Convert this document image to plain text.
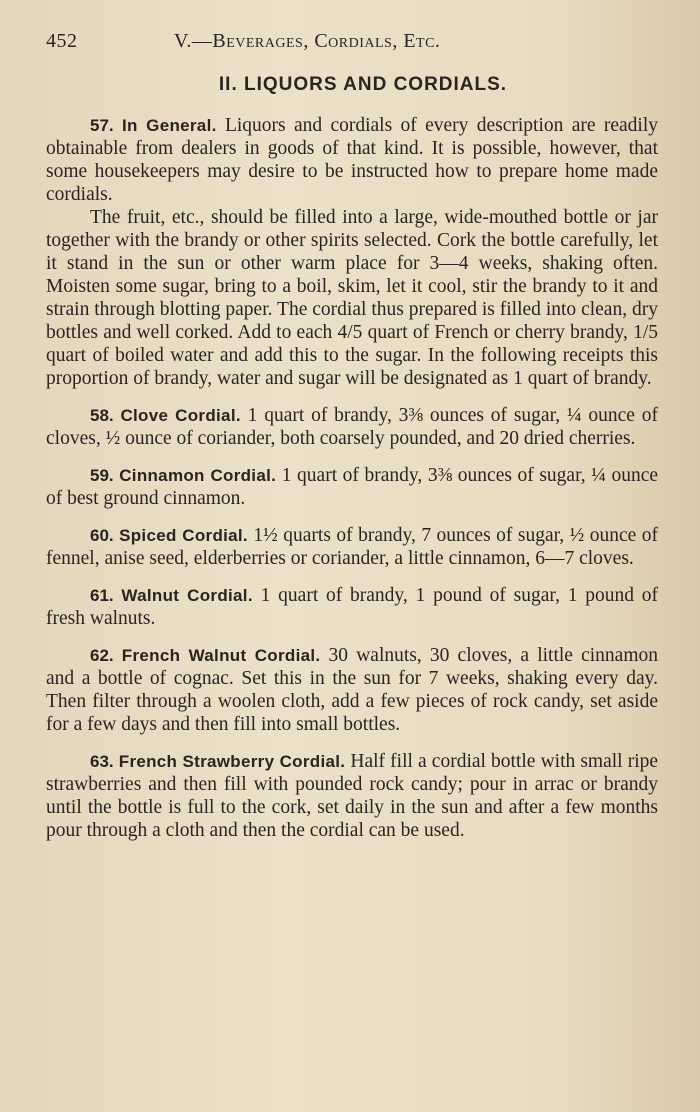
452	V.—Beverages, Cordials, Etc.
II. LIQUORS AND CORDIALS.

57. In General. Liquors and cordials of every description are readily obtainable from dealers in goods of that kind. It is possible, however, that some housekeepers may desire to be instructed how to prepare home made cordials.

The fruit, etc., should be filled into a large, wide-mouthed bottle or jar together with the brandy or other spirits selected. Cork the bottle carefully, let it stand in the sun or other warm place for 3—4 weeks, shaking often. Moisten some sugar, bring to a boil, skim, let it cool, stir the brandy to it and strain through blotting paper. The cordial thus prepared is filled into clean, dry bottles and well corked. Add to each 4/5 quart of French or cherry brandy, 1/5 quart of boiled water and add this to the sugar. In the following receipts this proportion of brandy, water and sugar will be designated as 1 quart of brandy.

58. Clove Cordial. 1 quart of brandy, 3⅜ ounces of sugar, ¼ ounce of cloves, ½ ounce of coriander, both coarsely pounded, and 20 dried cherries.

59. Cinnamon Cordial. 1 quart of brandy, 3⅜ ounces of sugar, ¼ ounce of best ground cinnamon.

60. Spiced Cordial. 1½ quarts of brandy, 7 ounces of sugar, ½ ounce of fennel, anise seed, elderberries or coriander, a little cinnamon, 6—7 cloves.

61. Walnut Cordial. 1 quart of brandy, 1 pound of sugar, 1 pound of fresh walnuts.

62. French Walnut Cordial. 30 walnuts, 30 cloves, a little cinnamon and a bottle of cognac. Set this in the sun for 7 weeks, shaking every day. Then filter through a woolen cloth, add a few pieces of rock candy, set aside for a few days and then fill into small bottles.

63. French Strawberry Cordial. Half fill a cordial bottle with small ripe strawberries and then fill with pounded rock candy; pour in arrac or brandy until the bottle is full to the cork, set daily in the sun and after a few months pour through a cloth and then the cordial can be used.
